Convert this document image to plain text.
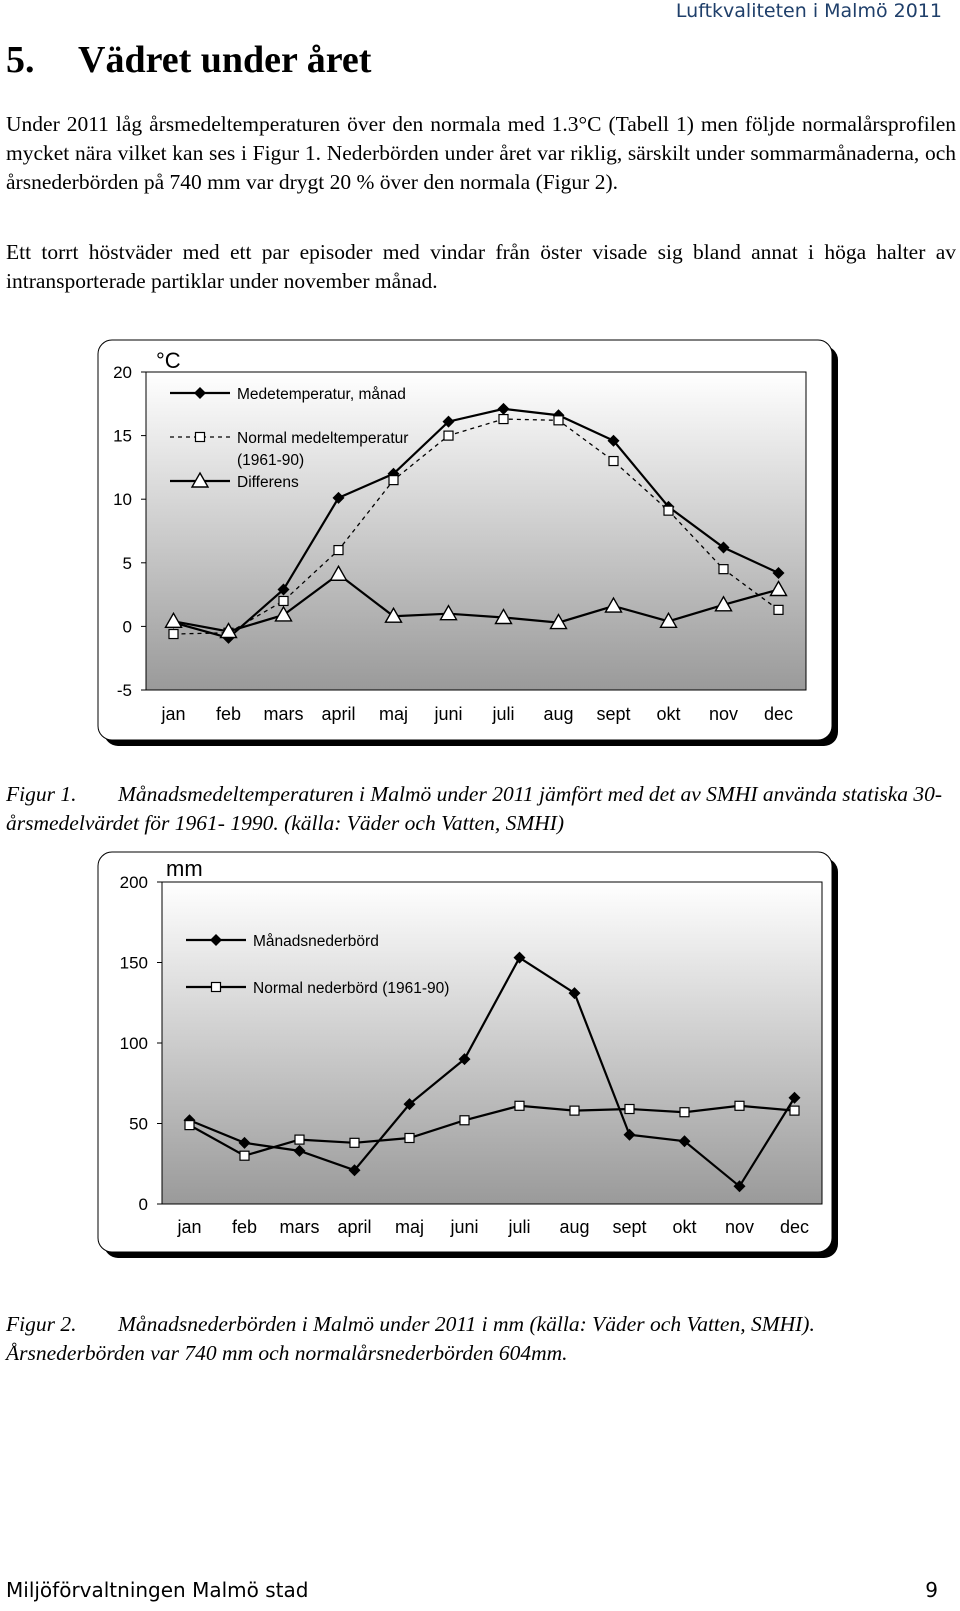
Luftkvaliteten i Malmö 2011
5. Vädret under året

Under 2011 låg årsmedeltemperaturen över den normala med 1.3°C (Tabell 1) men följde normalårsprofilen mycket nära vilket kan ses i Figur 1. Nederbörden under året var riklig, särskilt under sommarmånaderna, och årsnederbörden på 740 mm var drygt 20 % över den normala (Figur 2).

Ett torrt höstväder med ett par episoder med vindar från öster visade sig bland annat i höga halter av intransporterade partiklar under november månad.

20
15
10
5
0
-5
°C
jan feb mars april maj juni juli aug sept okt nov dec
Medetemperatur, månad
Normal medeltemperatur
(1961-90)
Differens

Figur 1. Månadsmedeltemperaturen i Malmö under 2011 jämfört med det av SMHI använda statiska 30-årsmedelvärdet för 1961- 1990. (källa: Väder och Vatten, SMHI)

200
150
100
50
0
mm
jan feb mars april maj juni juli aug sept okt nov dec
Månadsnederbörd
Normal nederbörd (1961-90)

Figur 2. Månadsnederbörden i Malmö under 2011 i mm (källa: Väder och Vatten, SMHI). Årsnederbörden var 740 mm och normalårsnederbörden 604mm.

Miljöförvaltningen Malmö stad	9
